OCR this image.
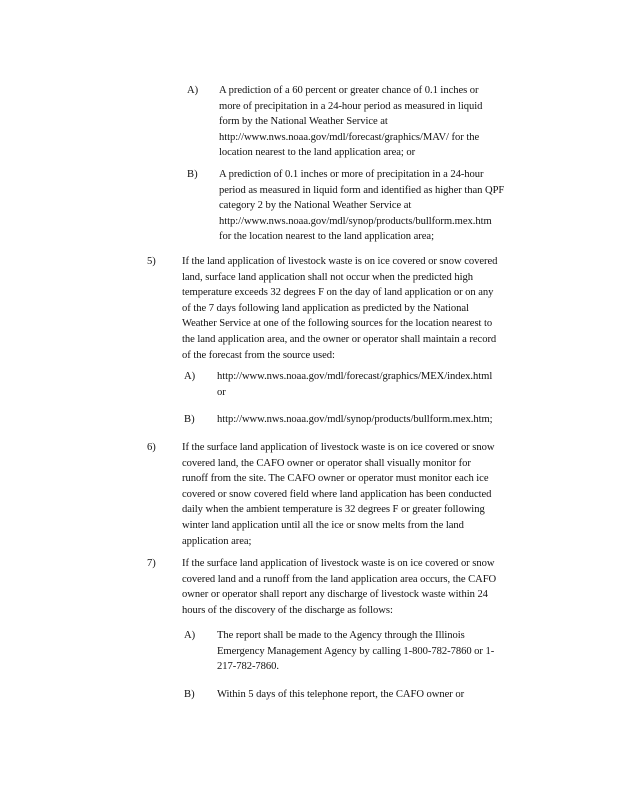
A) A prediction of a 60 percent or greater chance of 0.1 inches or
more of precipitation in a 24-hour period as measured in liquid
form by the National Weather Service at
http://www.nws.noaa.gov/mdl/forecast/graphics/MAV/ for the
location nearest to the land application area; or
B) A prediction of 0.1 inches or more of precipitation in a 24-hour
period as measured in liquid form and identified as higher than QPF
category 2 by the National Weather Service at
http://www.nws.noaa.gov/mdl/synop/products/bullform.mex.htm
for the location nearest to the land application area;
5) If the land application of livestock waste is on ice covered or snow covered
land, surface land application shall not occur when the predicted high
temperature exceeds 32 degrees F on the day of land application or on any
of the 7 days following land application as predicted by the National
Weather Service at one of the following sources for the location nearest to
the land application area, and the owner or operator shall maintain a record
of the forecast from the source used:
A) http://www.nws.noaa.gov/mdl/forecast/graphics/MEX/index.html
or
B) http://www.nws.noaa.gov/mdl/synop/products/bullform.mex.htm;
6) If the surface land application of livestock waste is on ice covered or snow
covered land, the CAFO owner or operator shall visually monitor for
runoff from the site. The CAFO owner or operator must monitor each ice
covered or snow covered field where land application has been conducted
daily when the ambient temperature is 32 degrees F or greater following
winter land application until all the ice or snow melts from the land
application area;
7) If the surface land application of livestock waste is on ice covered or snow
covered land and a runoff from the land application area occurs, the CAFO
owner or operator shall report any discharge of livestock waste within 24
hours of the discovery of the discharge as follows:
A) The report shall be made to the Agency through the Illinois
Emergency Management Agency by calling 1-800-782-7860 or 1-
217-782-7860.
B) Within 5 days of this telephone report, the CAFO owner or
